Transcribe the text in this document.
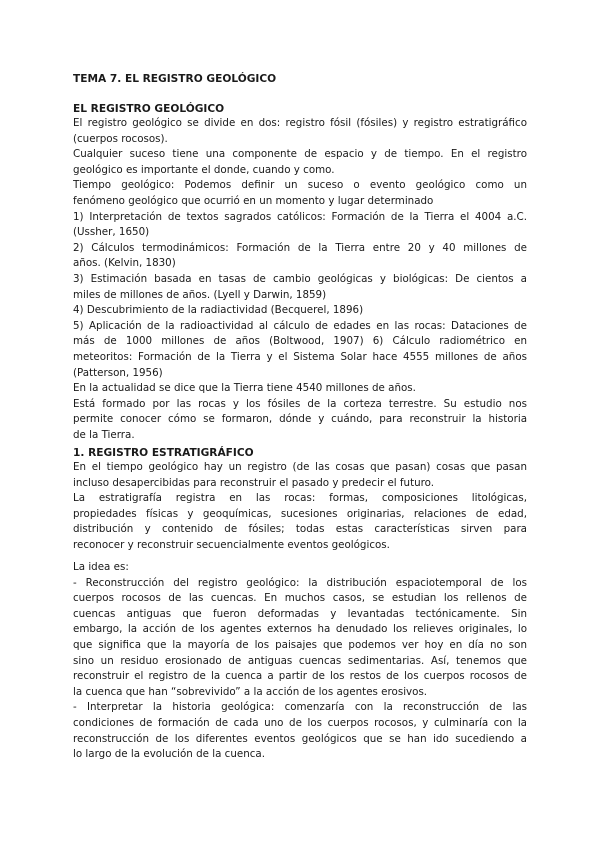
TEMA 7. EL REGISTRO GEOLÓGICO
EL REGISTRO GEOLÓGICO
El registro geológico se divide en dos: registro fósil (fósiles) y registro estratigráfico
(cuerpos rocosos).
Cualquier suceso tiene una componente de espacio y de tiempo. En el registro
geológico es importante el donde, cuando y como.
Tiempo geológico: Podemos definir un suceso o evento geológico como un
fenómeno geológico que ocurrió en un momento y lugar determinado
1) Interpretación de textos sagrados católicos: Formación de la Tierra el 4004 a.C.
(Ussher, 1650)
2) Cálculos termodinámicos: Formación de la Tierra entre 20 y 40 millones de
años. (Kelvin, 1830)
3) Estimación basada en tasas de cambio geológicas y biológicas: De cientos a
miles de millones de años. (Lyell y Darwin, 1859)
4) Descubrimiento de la radiactividad (Becquerel, 1896)
5) Aplicación de la radioactividad al cálculo de edades en las rocas: Dataciones de
más de 1000 millones de años (Boltwood, 1907) 6) Cálculo radiométrico en
meteoritos: Formación de la Tierra y el Sistema Solar hace 4555 millones de años
(Patterson, 1956)
En la actualidad se dice que la Tierra tiene 4540 millones de años.
Está formado por las rocas y los fósiles de la corteza terrestre. Su estudio nos
permite conocer cómo se formaron, dónde y cuándo, para reconstruir la historia
de la Tierra.
1. REGISTRO ESTRATIGRÁFICO
En el tiempo geológico hay un registro (de las cosas que pasan) cosas que pasan
incluso desapercibidas para reconstruir el pasado y predecir el futuro.
La estratigrafía registra en las rocas: formas, composiciones litológicas,
propiedades físicas y geoquímicas, sucesiones originarias, relaciones de edad,
distribución y contenido de fósiles; todas estas características sirven para
reconocer y reconstruir secuencialmente eventos geológicos.
La idea es:
- Reconstrucción del registro geológico: la distribución espaciotemporal de los
cuerpos rocosos de las cuencas. En muchos casos, se estudian los rellenos de
cuencas antiguas que fueron deformadas y levantadas tectónicamente. Sin
embargo, la acción de los agentes externos ha denudado los relieves originales, lo
que significa que la mayoría de los paisajes que podemos ver hoy en día no son
sino un residuo erosionado de antiguas cuencas sedimentarias. Así, tenemos que
reconstruir el registro de la cuenca a partir de los restos de los cuerpos rocosos de
la cuenca que han “sobrevivido” a la acción de los agentes erosivos.
- Interpretar la historia geológica: comenzaría con la reconstrucción de las
condiciones de formación de cada uno de los cuerpos rocosos, y culminaría con la
reconstrucción de los diferentes eventos geológicos que se han ido sucediendo a
lo largo de la evolución de la cuenca.
